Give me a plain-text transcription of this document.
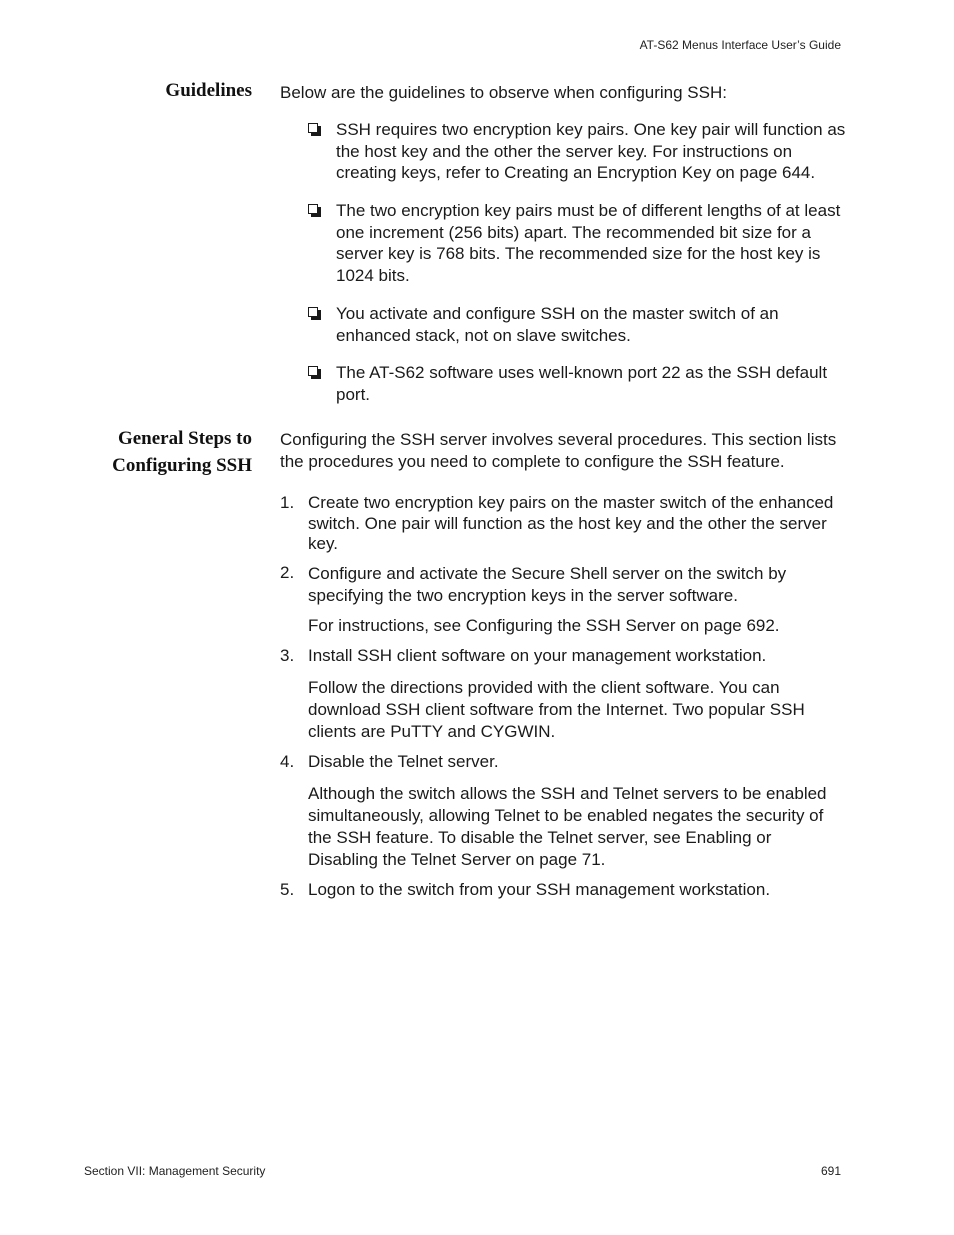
AT-S62 Menus Interface User’s Guide
Guidelines Below are the guidelines to observe when configuring SSH:
SSH requires two encryption key pairs. One key pair will function as the host key and the other the server key. For instructions on creating keys, refer to Creating an Encryption Key on page 644.
The two encryption key pairs must be of different lengths of at least one increment (256 bits) apart. The recommended bit size for a server key is 768 bits. The recommended size for the host key is 1024 bits.
You activate and configure SSH on the master switch of an enhanced stack, not on slave switches.
The AT-S62 software uses well-known port 22 as the SSH default port.
General Steps to
Configuring SSH
Configuring the SSH server involves several procedures. This section lists the procedures you need to complete to configure the SSH feature.
1. Create two encryption key pairs on the master switch of the enhanced switch. One pair will function as the host key and the other the server key.
2. Configure and activate the Secure Shell server on the switch by specifying the two encryption keys in the server software.
For instructions, see Configuring the SSH Server on page 692.
3. Install SSH client software on your management workstation.
Follow the directions provided with the client software. You can download SSH client software from the Internet. Two popular SSH clients are PuTTY and CYGWIN.
4. Disable the Telnet server.
Although the switch allows the SSH and Telnet servers to be enabled simultaneously, allowing Telnet to be enabled negates the security of the SSH feature. To disable the Telnet server, see Enabling or Disabling the Telnet Server on page 71.
5. Logon to the switch from your SSH management workstation.
Section VII: Management Security	691
